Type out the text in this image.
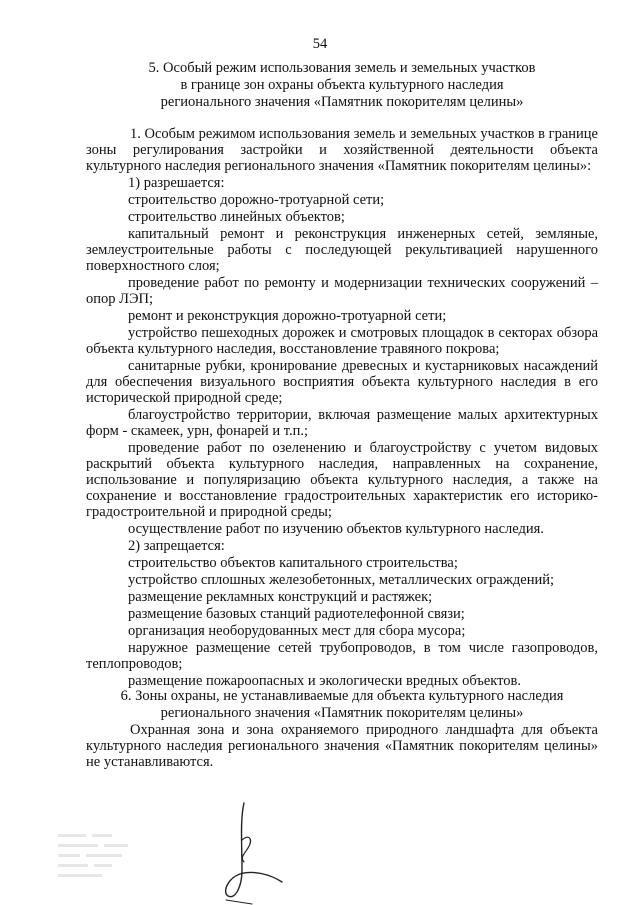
54
5. Особый режим использования земель и земельных участков
в границе зон охраны объекта культурного наследия
регионального значения «Памятник покорителям целины»

1. Особым режимом использования земель и земельных участков в границе зоны регулирования застройки и хозяйственной деятельности объекта культурного наследия регионального значения «Памятник покорителям целины»:

1) разрешается:

строительство дорожно-тротуарной сети;

строительство линейных объектов;

капитальный ремонт и реконструкция инженерных сетей, земляные, землеустроительные работы с последующей рекультивацией нарушенного поверхностного слоя;

проведение работ по ремонту и модернизации технических сооружений – опор ЛЭП;

ремонт и реконструкция дорожно-тротуарной сети;

устройство пешеходных дорожек и смотровых площадок в секторах обзора объекта культурного наследия, восстановление травяного покрова;

санитарные рубки, кронирование древесных и кустарниковых насаждений для обеспечения визуального восприятия объекта культурного наследия в его исторической природной среде;

благоустройство территории, включая размещение малых архитектурных форм - скамеек, урн, фонарей и т.п.;

проведение работ по озеленению и благоустройству с учетом видовых раскрытий объекта культурного наследия, направленных на сохранение, использование и популяризацию объекта культурного наследия, а также на сохранение и восстановление градостроительных характеристик его историко-градостроительной и природной среды;

осуществление работ по изучению объектов культурного наследия.

2) запрещается:

строительство объектов капитального строительства;

устройство сплошных железобетонных, металлических ограждений;

размещение рекламных конструкций и растяжек;

размещение базовых станций радиотелефонной связи;

организация необорудованных мест для сбора мусора;

наружное размещение сетей трубопроводов, в том числе газопроводов, теплопроводов;

размещение пожароопасных и экологически вредных объектов.

6. Зоны охраны, не устанавливаемые для объекта культурного наследия
регионального значения «Памятник покорителям целины»

Охранная зона и зона охраняемого природного ландшафта для объекта культурного наследия регионального значения «Памятник покорителям целины» не устанавливаются.
